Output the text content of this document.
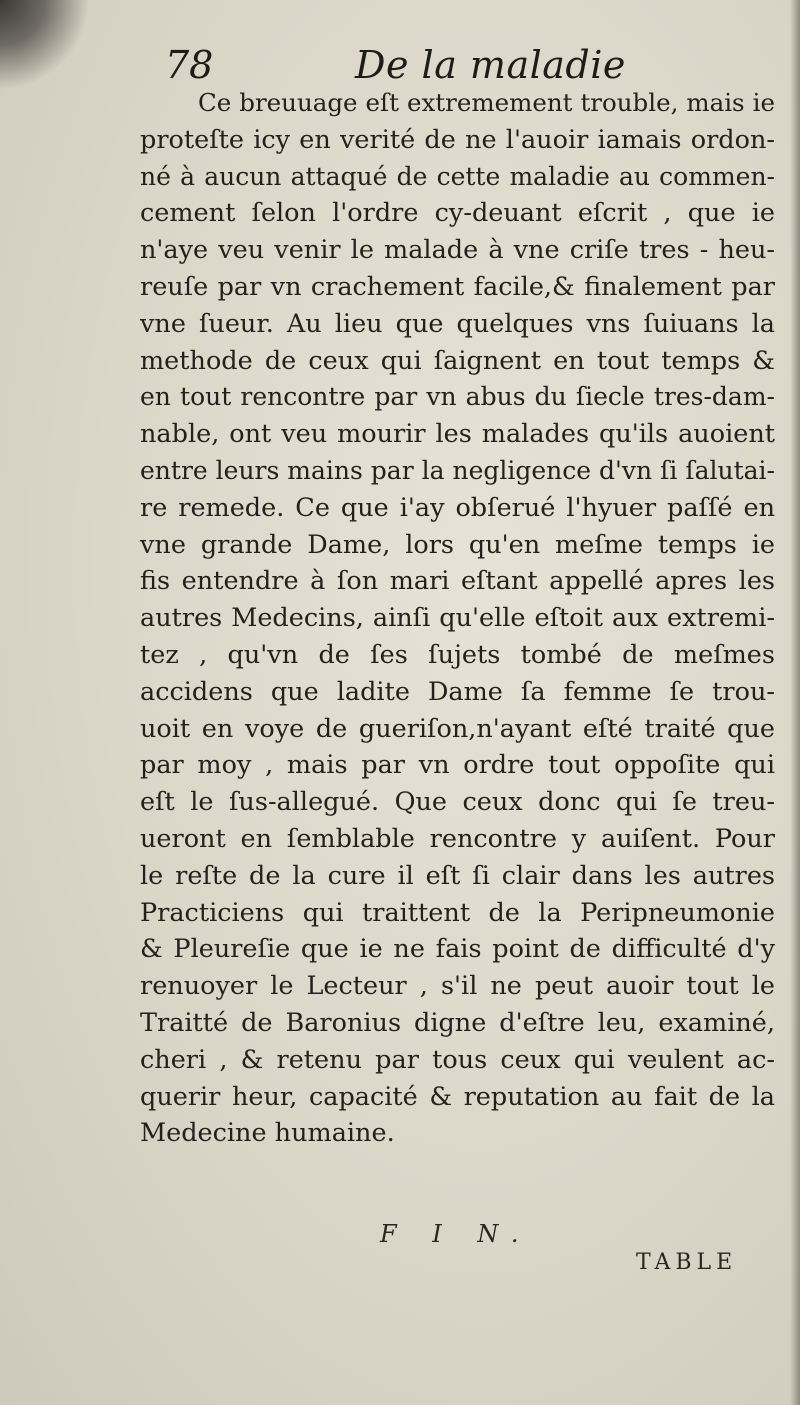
78	De la maladie
Ce breuuage eſt extremement trouble, mais ie
proteſte icy en verité de ne l'auoir iamais ordon-
né à aucun attaqué de cette maladie au commen-
cement ſelon l'ordre cy-deuant eſcrit , que ie
n'aye veu venir le malade à vne criſe tres - heu-
reuſe par vn crachement facile,& finalement par
vne ſueur. Au lieu que quelques vns ſuiuans la
methode de ceux qui ſaignent en tout temps &
en tout rencontre par vn abus du ſiecle tres-dam-
nable, ont veu mourir les malades qu'ils auoient
entre leurs mains par la negligence d'vn ſi ſalutai-
re remede. Ce que i'ay obſerué l'hyuer paſſé en
vne grande Dame, lors qu'en meſme temps ie
fis entendre à ſon mari eſtant appellé apres les
autres Medecins, ainſi qu'elle eſtoit aux extremi-
tez , qu'vn de ſes ſujets tombé de meſmes
accidens que ladite Dame ſa femme ſe trou-
uoit en voye de gueriſon,n'ayant eſté traité que
par moy , mais par vn ordre tout oppoſite qui
eſt le ſus-allegué. Que ceux donc qui ſe treu-
ueront en ſemblable rencontre y auiſent. Pour
le reſte de la cure il eſt ſi clair dans les autres
Practiciens qui traittent de la Peripneumonie
& Pleureſie que ie ne fais point de difficulté d'y
renuoyer le Lecteur , s'il ne peut auoir tout le
Traitté de Baronius digne d'eſtre leu, examiné,
cheri , & retenu par tous ceux qui veulent ac-
querir heur, capacité & reputation au fait de la
Medecine humaine.
F I N.
TABLE
